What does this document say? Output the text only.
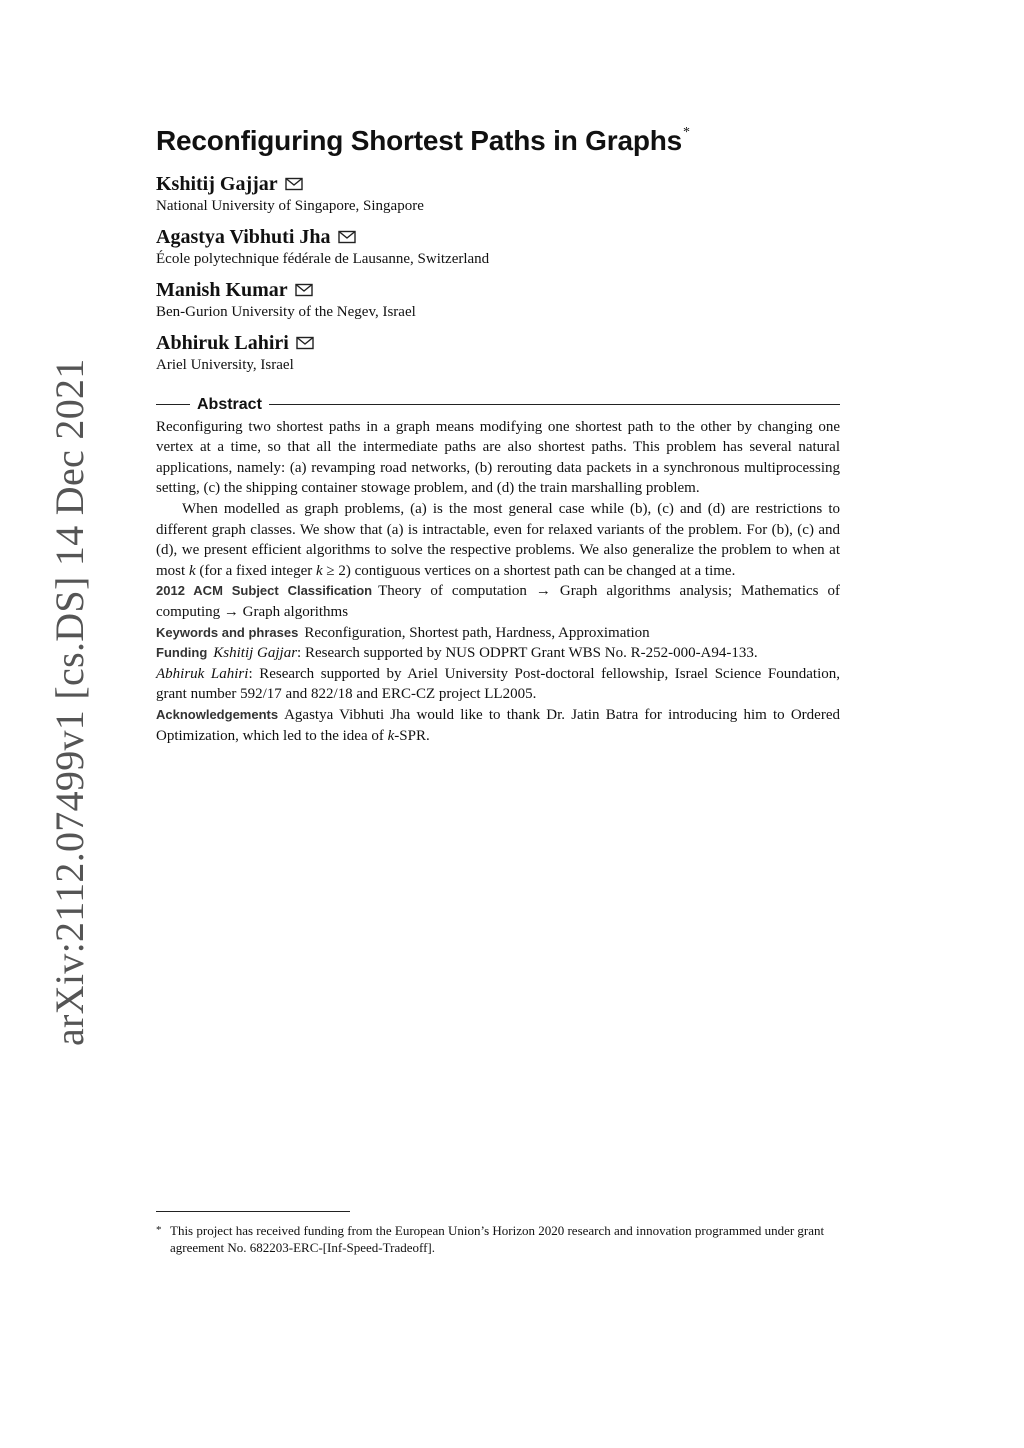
arXiv:2112.07499v1 [cs.DS] 14 Dec 2021
Reconfiguring Shortest Paths in Graphs*
Kshitij Gajjar
National University of Singapore, Singapore
Agastya Vibhuti Jha
École polytechnique fédérale de Lausanne, Switzerland
Manish Kumar
Ben-Gurion University of the Negev, Israel
Abhiruk Lahiri
Ariel University, Israel
Abstract

Reconfiguring two shortest paths in a graph means modifying one shortest path to the other by changing one vertex at a time, so that all the intermediate paths are also shortest paths. This problem has several natural applications, namely: (a) revamping road networks, (b) rerouting data packets in a synchronous multiprocessing setting, (c) the shipping container stowage problem, and (d) the train marshalling problem.

When modelled as graph problems, (a) is the most general case while (b), (c) and (d) are restrictions to different graph classes. We show that (a) is intractable, even for relaxed variants of the problem. For (b), (c) and (d), we present efficient algorithms to solve the respective problems. We also generalize the problem to when at most k (for a fixed integer k ≥ 2) contiguous vertices on a shortest path can be changed at a time.

2012 ACM Subject Classification Theory of computation → Graph algorithms analysis; Mathematics of computing → Graph algorithms

Keywords and phrases Reconfiguration, Shortest path, Hardness, Approximation

Funding Kshitij Gajjar: Research supported by NUS ODPRT Grant WBS No. R-252-000-A94-133.
Abhiruk Lahiri: Research supported by Ariel University Post-doctoral fellowship, Israel Science Foundation, grant number 592/17 and 822/18 and ERC-CZ project LL2005.

Acknowledgements Agastya Vibhuti Jha would like to thank Dr. Jatin Batra for introducing him to Ordered Optimization, which led to the idea of k-SPR.

* This project has received funding from the European Union’s Horizon 2020 research and innovation programmed under grant agreement No. 682203-ERC-[Inf-Speed-Tradeoff].
